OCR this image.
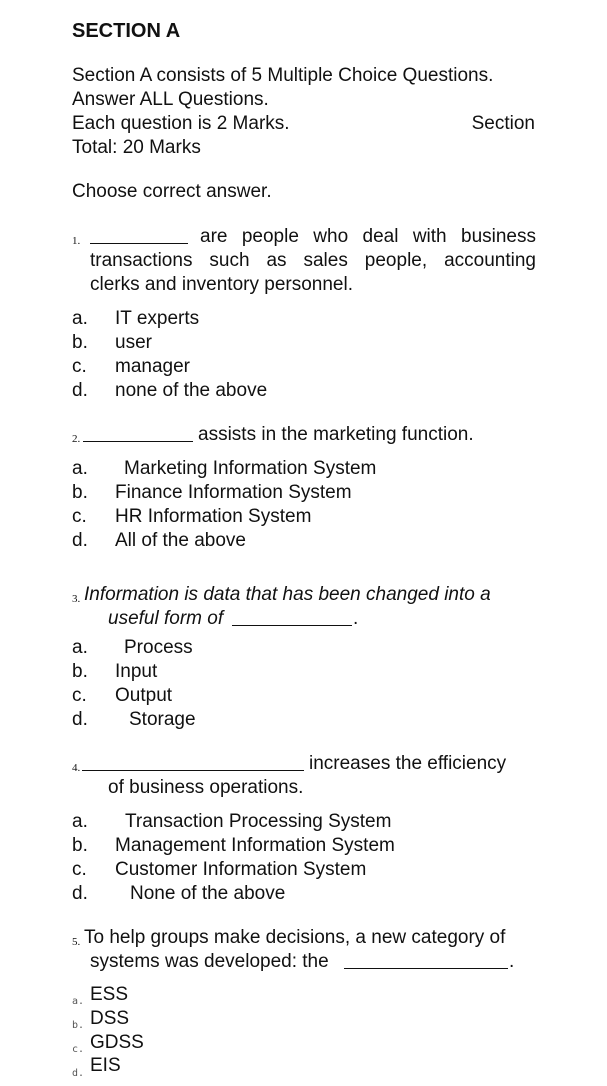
SECTION A
Section A consists of 5 Multiple Choice Questions.
Answer ALL Questions.
Each question is 2 Marks.	Section
Total: 20 Marks
Choose correct answer.
1.	are people who deal with business
transactions such as sales people, accounting
clerks and inventory personnel.
a. IT experts
b. user
c. manager
d. none of the above
2.	assists in the marketing function.
a. Marketing Information System
b. Finance Information System
c. HR Information System
d. All of the above
3. Information is data that has been changed into a
useful form of	.
a. Process
b. Input
c. Output
d. Storage
4.	increases the efficiency
of business operations.
a. Transaction Processing System
b. Management Information System
c. Customer Information System
d. None of the above
5. To help groups make decisions, a new category of
systems was developed: the	.
a. ESS
b. DSS
c. GDSS
d. EIS
